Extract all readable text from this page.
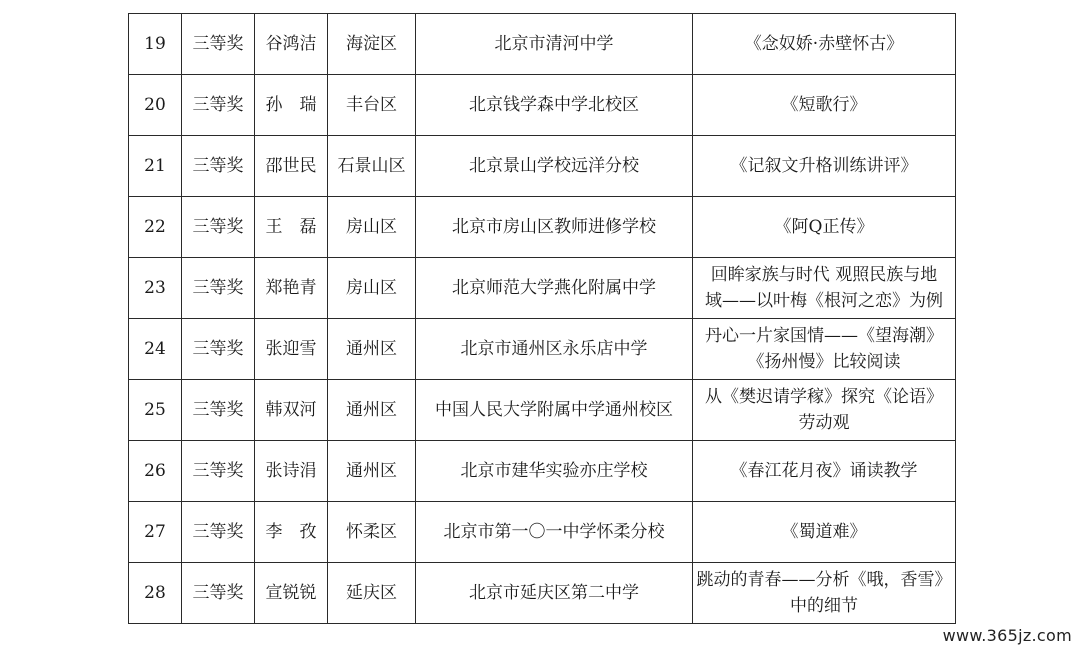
19	三等奖	谷鸿洁	海淀区	北京市清河中学	《念奴娇·赤壁怀古》

20	三等奖	孙　瑞	丰台区	北京钱学森中学北校区	《短歌行》

21	三等奖	邵世民	石景山区	北京景山学校远洋分校	《记叙文升格训练讲评》

22	三等奖	王　磊	房山区	北京市房山区教师进修学校	《阿Q正传》

23	三等奖	郑艳青	房山区	北京师范大学燕化附属中学	回眸家族与时代 观照民族与地
域——以叶梅《根河之恋》为例

24	三等奖	张迎雪	通州区	北京市通州区永乐店中学	丹心一片家国情——《望海潮》
《扬州慢》比较阅读

25	三等奖	韩双河	通州区	中国人民大学附属中学通州校区	从《樊迟请学稼》探究《论语》
劳动观

26	三等奖	张诗涓	通州区	北京市建华实验亦庄学校	《春江花月夜》诵读教学

27	三等奖	李　孜	怀柔区	北京市第一〇一中学怀柔分校	《蜀道难》

28	三等奖	宣锐锐	延庆区	北京市延庆区第二中学	跳动的青春——分析《哦，香雪》
中的细节
www.365jz.com
